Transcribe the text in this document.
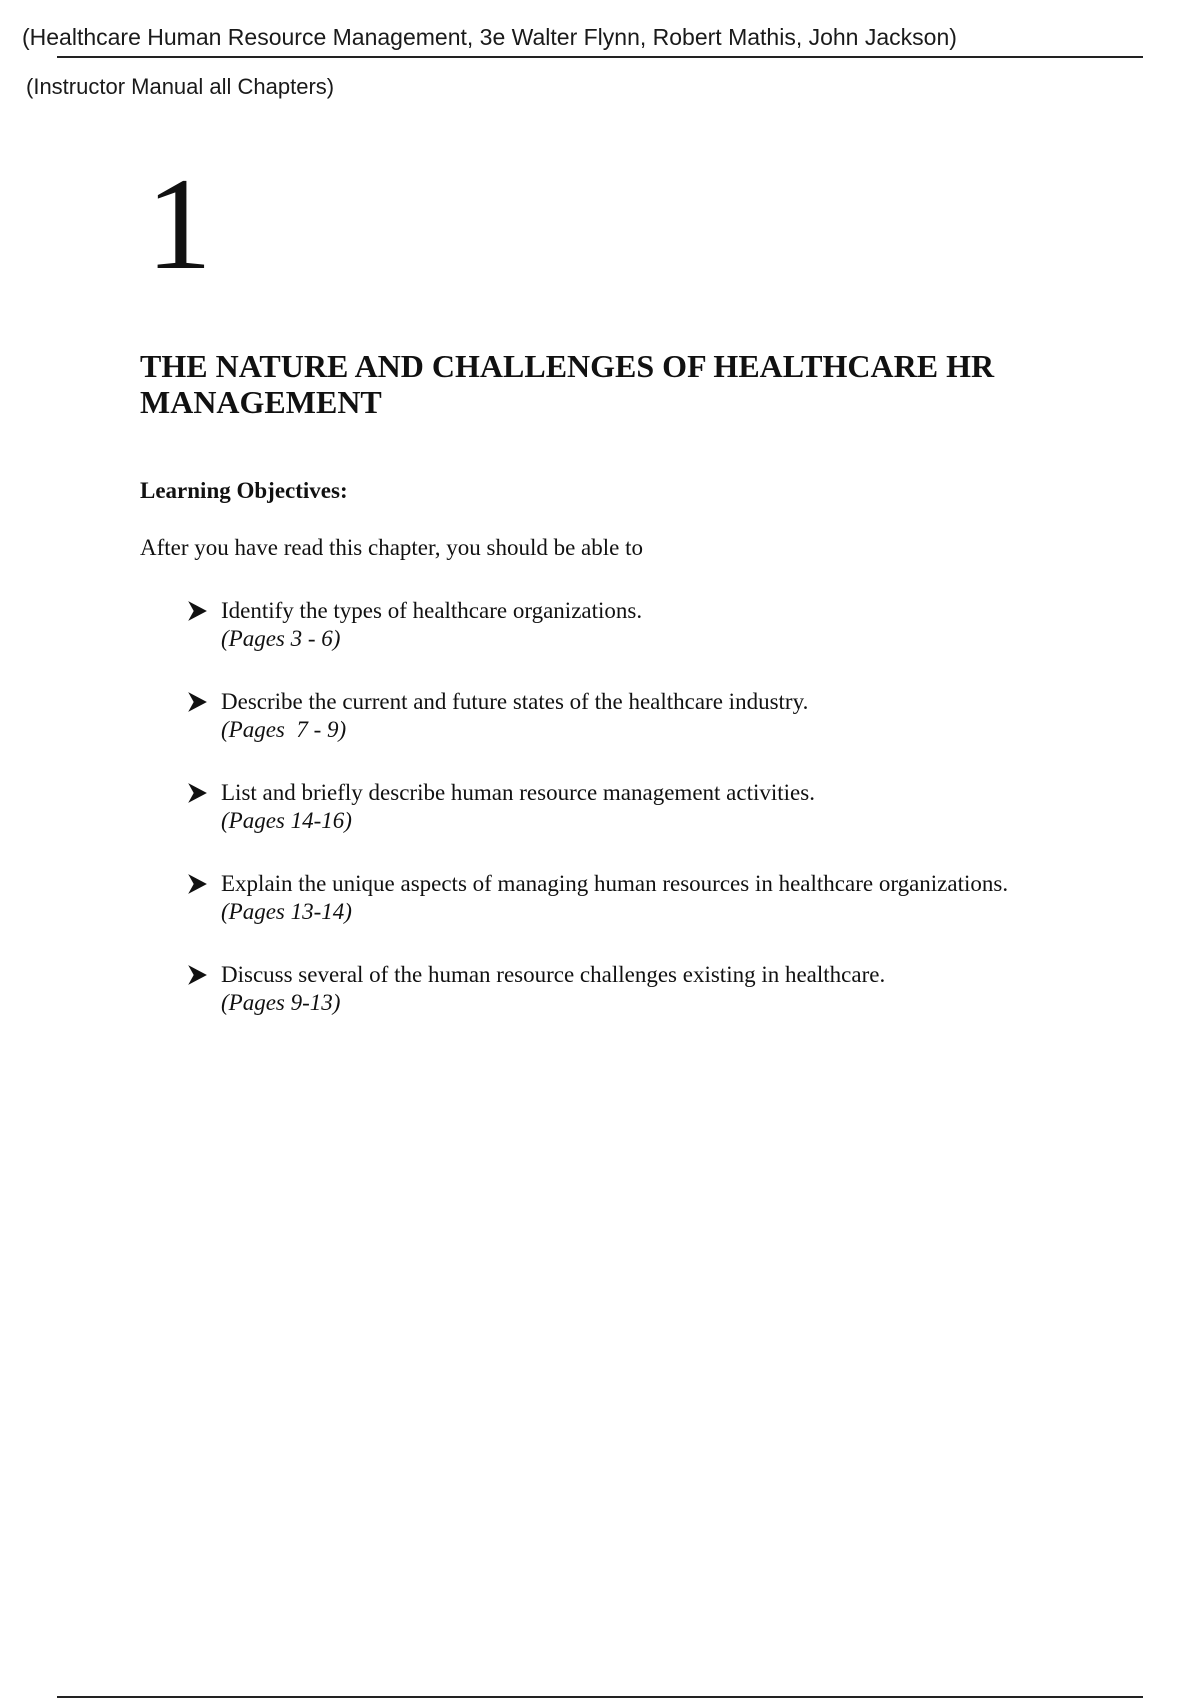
(Healthcare Human Resource Management, 3e Walter Flynn, Robert Mathis, John Jackson)
(Instructor Manual all Chapters)
1
THE NATURE AND CHALLENGES OF HEALTHCARE HR MANAGEMENT
Learning Objectives:
After you have read this chapter, you should be able to
Identify the types of healthcare organizations.
(Pages 3 - 6)
Describe the current and future states of the healthcare industry.
(Pages  7 - 9)
List and briefly describe human resource management activities.
(Pages 14-16)
Explain the unique aspects of managing human resources in healthcare organizations.
(Pages 13-14)
Discuss several of the human resource challenges existing in healthcare.
(Pages 9-13)
